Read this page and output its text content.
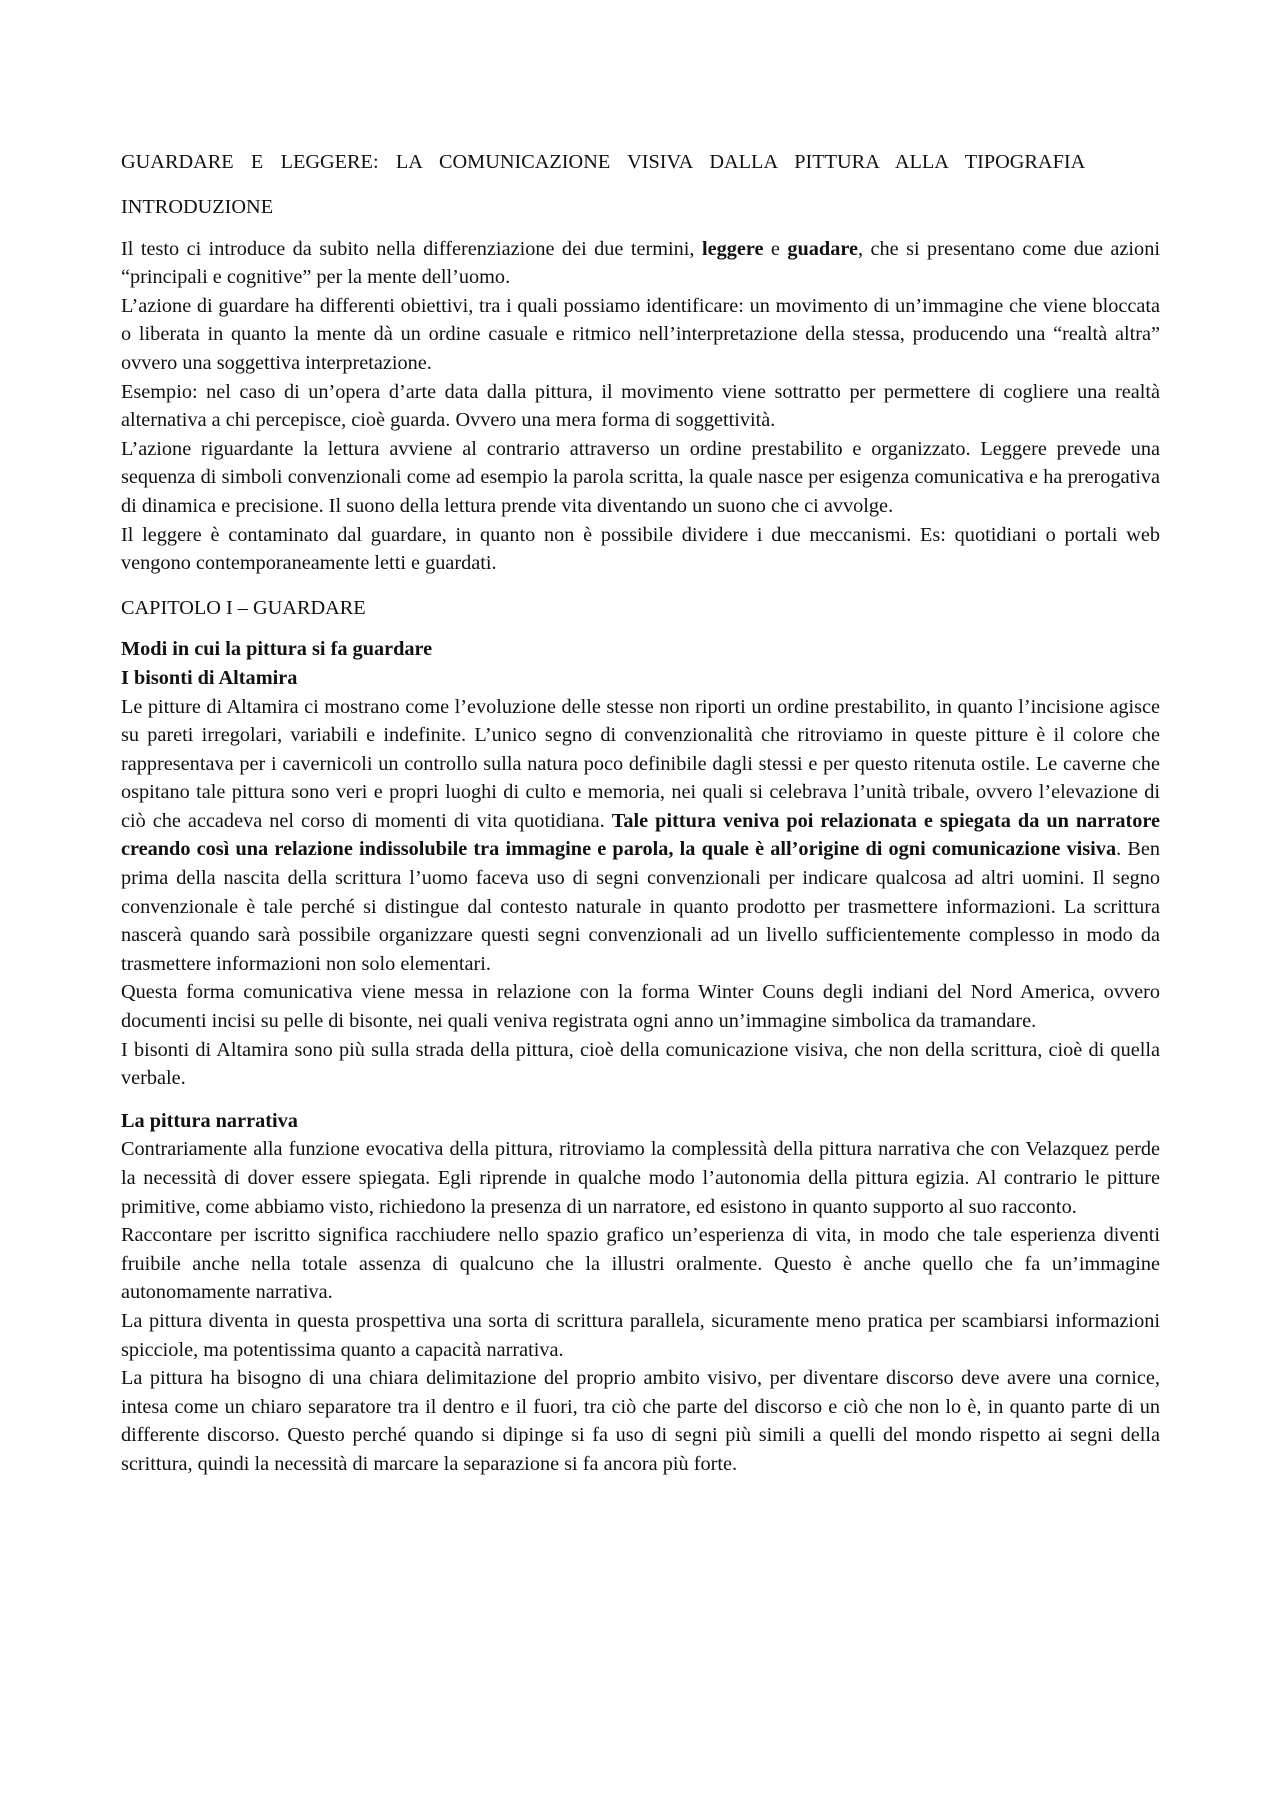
GUARDARE E LEGGERE: LA COMUNICAZIONE VISIVA DALLA PITTURA ALLA TIPOGRAFIA
INTRODUZIONE

Il testo ci introduce da subito nella differenziazione dei due termini, leggere e guadare, che si presentano come due azioni “principali e cognitive” per la mente dell’uomo.

L’azione di guardare ha differenti obiettivi, tra i quali possiamo identificare: un movimento di un’immagine che viene bloccata o liberata in quanto la mente dà un ordine casuale e ritmico nell’interpretazione della stessa, producendo una “realtà altra” ovvero una soggettiva interpretazione.

Esempio: nel caso di un’opera d’arte data dalla pittura, il movimento viene sottratto per permettere di cogliere una realtà alternativa a chi percepisce, cioè guarda. Ovvero una mera forma di soggettività.

L’azione riguardante la lettura avviene al contrario attraverso un ordine prestabilito e organizzato. Leggere prevede una sequenza di simboli convenzionali come ad esempio la parola scritta, la quale nasce per esigenza comunicativa e ha prerogativa di dinamica e precisione. Il suono della lettura prende vita diventando un suono che ci avvolge.

Il leggere è contaminato dal guardare, in quanto non è possibile dividere i due meccanismi. Es: quotidiani o portali web vengono contemporaneamente letti e guardati.

CAPITOLO I – GUARDARE

Modi in cui la pittura si fa guardare

I bisonti di Altamira

Le pitture di Altamira ci mostrano come l’evoluzione delle stesse non riporti un ordine prestabilito, in quanto l’incisione agisce su pareti irregolari, variabili e indefinite. L’unico segno di convenzionalità che ritroviamo in queste pitture è il colore che rappresentava per i cavernicoli un controllo sulla natura poco definibile dagli stessi e per questo ritenuta ostile. Le caverne che ospitano tale pittura sono veri e propri luoghi di culto e memoria, nei quali si celebrava l’unità tribale, ovvero l’elevazione di ciò che accadeva nel corso di momenti di vita quotidiana. Tale pittura veniva poi relazionata e spiegata da un narratore creando così una relazione indissolubile tra immagine e parola, la quale è all’origine di ogni comunicazione visiva. Ben prima della nascita della scrittura l’uomo faceva uso di segni convenzionali per indicare qualcosa ad altri uomini. Il segno convenzionale è tale perché si distingue dal contesto naturale in quanto prodotto per trasmettere informazioni. La scrittura nascerà quando sarà possibile organizzare questi segni convenzionali ad un livello sufficientemente complesso in modo da trasmettere informazioni non solo elementari.

Questa forma comunicativa viene messa in relazione con la forma Winter Couns degli indiani del Nord America, ovvero documenti incisi su pelle di bisonte, nei quali veniva registrata ogni anno un’immagine simbolica da tramandare.

I bisonti di Altamira sono più sulla strada della pittura, cioè della comunicazione visiva, che non della scrittura, cioè di quella verbale.

La pittura narrativa

Contrariamente alla funzione evocativa della pittura, ritroviamo la complessità della pittura narrativa che con Velazquez perde la necessità di dover essere spiegata. Egli riprende in qualche modo l’autonomia della pittura egizia. Al contrario le pitture primitive, come abbiamo visto, richiedono la presenza di un narratore, ed esistono in quanto supporto al suo racconto.

Raccontare per iscritto significa racchiudere nello spazio grafico un’esperienza di vita, in modo che tale esperienza diventi fruibile anche nella totale assenza di qualcuno che la illustri oralmente. Questo è anche quello che fa un’immagine autonomamente narrativa.

La pittura diventa in questa prospettiva una sorta di scrittura parallela, sicuramente meno pratica per scambiarsi informazioni spicciole, ma potentissima quanto a capacità narrativa.

La pittura ha bisogno di una chiara delimitazione del proprio ambito visivo, per diventare discorso deve avere una cornice, intesa come un chiaro separatore tra il dentro e il fuori, tra ciò che parte del discorso e ciò che non lo è, in quanto parte di un differente discorso. Questo perché quando si dipinge si fa uso di segni più simili a quelli del mondo rispetto ai segni della scrittura, quindi la necessità di marcare la separazione si fa ancora più forte.
